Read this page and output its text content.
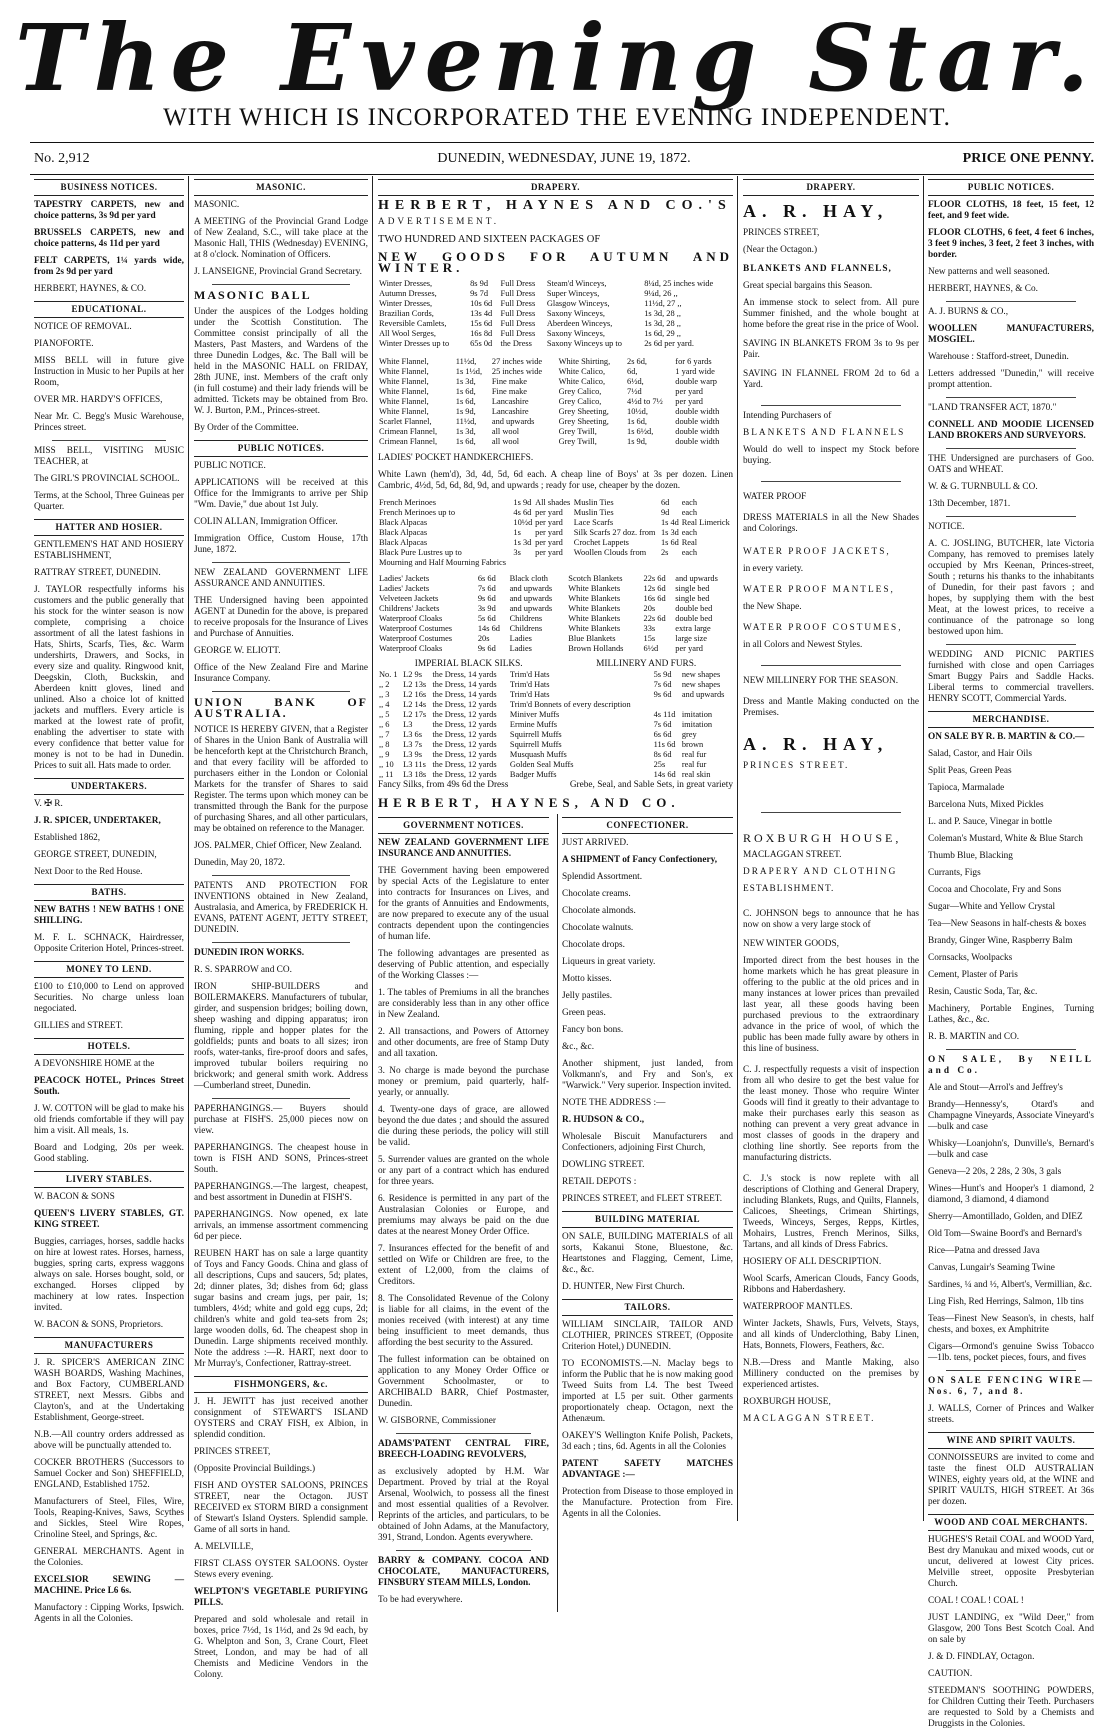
The Evening Star.
WITH WHICH IS INCORPORATED THE EVENING INDEPENDENT.
No. 2,912	DUNEDIN, WEDNESDAY, JUNE 19, 1872.	PRICE ONE PENNY.
BUSINESS NOTICES.

TAPESTRY CARPETS, new and choice patterns, 3s 9d per yard

BRUSSELS CARPETS, new and choice patterns, 4s 11d per yard

FELT CARPETS, 1¼ yards wide, from 2s 9d per yard

HERBERT, HAYNES, & CO.

EDUCATIONAL.

NOTICE OF REMOVAL.

PIANOFORTE.

MISS BELL will in future give Instruction in Music to her Pupils at her Room,

OVER MR. HARDY'S OFFICES,

Near Mr. C. Begg's Music Warehouse, Princes street.

MISS BELL, VISITING MUSIC TEACHER, at

The GIRL'S PROVINCIAL SCHOOL.

Terms, at the School, Three Guineas per Quarter.

HATTER AND HOSIER.

GENTLEMEN'S HAT AND HOSIERY ESTABLISHMENT,

RATTRAY STREET, DUNEDIN.

J. TAYLOR respectfully informs his customers and the public generally that his stock for the winter season is now complete, comprising a choice assortment of all the latest fashions in Hats, Shirts, Scarfs, Ties, &c. Warm undershirts, Drawers, and Socks, in every size and quality. Ringwood knit, Deegskin, Cloth, Buckskin, and Aberdeen knitt gloves, lined and unlined. Also a choice lot of knitted jackets and mufflers. Every article is marked at the lowest rate of profit, enabling the advertiser to state with every confidence that better value for money is not to be had in Dunedin. Prices to suit all. Hats made to order.

UNDERTAKERS.

V. ✠ R.

J. R. SPICER, UNDERTAKER,

Established 1862,

GEORGE STREET, DUNEDIN,

Next Door to the Red House.

BATHS.

NEW BATHS ! NEW BATHS ! ONE SHILLING.

M. F. L. SCHNACK, Hairdresser, Opposite Criterion Hotel, Princes-street.

MONEY TO LEND.

£100 to £10,000 to Lend on approved Securities. No charge unless loan negociated.

GILLIES and STREET.

HOTELS.

A DEVONSHIRE HOME at the

PEACOCK HOTEL, Princes Street South.

J. W. COTTON will be glad to make his old friends comfortable if they will pay him a visit. All meals, 1s.

Board and Lodging, 20s per week. Good stabling.

LIVERY STABLES.

W. BACON & SONS

QUEEN'S LIVERY STABLES, GT. KING STREET.

Buggies, carriages, horses, saddle hacks on hire at lowest rates. Horses, harness, buggies, spring carts, express waggons always on sale. Horses bought, sold, or exchanged. Horses clipped by machinery at low rates. Inspection invited.

W. BACON & SONS, Proprietors.

MANUFACTURERS

J. R. SPICER'S AMERICAN ZINC WASH BOARDS, Washing Machines, and Box Factory, CUMBERLAND STREET, next Messrs. Gibbs and Clayton's, and at the Undertaking Establishment, George-street.

N.B.—All country orders addressed as above will be punctually attended to.

COCKER BROTHERS (Successors to Samuel Cocker and Son) SHEFFIELD, ENGLAND, Established 1752.

Manufacturers of Steel, Files, Wire, Tools, Reaping-Knives, Saws, Scythes and Sickles, Steel Wire Ropes, Crinoline Steel, and Springs, &c.

GENERAL MERCHANTS. Agent in the Colonies.

EXCELSIOR SEWING — MACHINE. Price L6 6s.

Manufactory : Cipping Works, Ipswich. Agents in all the Colonies.

MASONIC.

MASONIC.

A MEETING of the Provincial Grand Lodge of New Zealand, S.C., will take place at the Masonic Hall, THIS (Wednesday) EVENING, at 8 o'clock. Nomination of Officers.

J. LANSEIGNE, Provincial Grand Secretary.

MASONIC BALL

Under the auspices of the Lodges holding under the Scottish Constitution. The Committee consist principally of all the Masters, Past Masters, and Wardens of the three Dunedin Lodges, &c. The Ball will be held in the MASONIC HALL on FRIDAY, 28th JUNE, inst. Members of the craft only (in full costume) and their lady friends will be admitted. Tickets may be obtained from Bro. W. J. Burton, P.M., Princes-street.

By Order of the Committee.

PUBLIC NOTICES.

PUBLIC NOTICE.

APPLICATIONS will be received at this Office for the Immigrants to arrive per Ship "Wm. Davie," due about 1st July.

COLIN ALLAN, Immigration Officer.

Immigration Office, Custom House, 17th June, 1872.

NEW ZEALAND GOVERNMENT LIFE ASSURANCE AND ANNUITIES.

THE Undersigned having been appointed AGENT at Dunedin for the above, is prepared to receive proposals for the Insurance of Lives and Purchase of Annuities.

GEORGE W. ELIOTT.

Office of the New Zealand Fire and Marine Insurance Company.

UNION BANK OF AUSTRALIA.

NOTICE IS HEREBY GIVEN, that a Register of Shares in the Union Bank of Australia will be henceforth kept at the Christchurch Branch, and that every facility will be afforded to purchasers either in the London or Colonial Markets for the transfer of Shares to said Register. The terms upon which money can be transmitted through the Bank for the purpose of purchasing Shares, and all other particulars, may be obtained on reference to the Manager.

JOS. PALMER, Chief Officer, New Zealand.

Dunedin, May 20, 1872.

PATENTS AND PROTECTION FOR INVENTIONS obtained in New Zealand, Australasia, and America, by FREDERICK H. EVANS, PATENT AGENT, JETTY STREET, DUNEDIN.

DUNEDIN IRON WORKS.

R. S. SPARROW and CO.

IRON SHIP-BUILDERS and BOILERMAKERS. Manufacturers of tubular, girder, and suspension bridges; boiling down, sheep washing and dipping apparatus; iron fluming, ripple and hopper plates for the goldfields; punts and boats to all sizes; iron roofs, water-tanks, fire-proof doors and safes, improved tubular boilers requiring no brickwork; and general smith work. Address—Cumberland street, Dunedin.

PAPERHANGINGS.— Buyers should purchase at FISH'S. 25,000 pieces now on view.

PAPERHANGINGS. The cheapest house in town is FISH AND SONS, Princes-street South.

PAPERHANGINGS.—The largest, cheapest, and best assortment in Dunedin at FISH'S.

PAPERHANGINGS. Now opened, ex late arrivals, an immense assortment commencing 6d per piece.

REUBEN HART has on sale a large quantity of Toys and Fancy Goods. China and glass of all descriptions, Cups and saucers, 5d; plates, 2d; dinner plates, 3d; dishes from 6d; glass sugar basins and cream jugs, per pair, 1s; tumblers, 4½d; white and gold egg cups, 2d; children's white and gold tea-sets from 2s; large wooden dolls, 6d. The cheapest shop in Dunedin. Large shipments received monthly. Note the address :—R. HART, next door to Mr Murray's, Confectioner, Rattray-street.

FISHMONGERS, &c.

J. H. JEWITT has just received another consignment of STEWART'S ISLAND OYSTERS and CRAY FISH, ex Albion, in splendid condition.

PRINCES STREET,

(Opposite Provincial Buildings.)

FISH AND OYSTER SALOONS, PRINCES STREET, near the Octagon. JUST RECEIVED ex STORM BIRD a consignment of Stewart's Island Oysters. Splendid sample. Game of all sorts in hand.

A. MELVILLE,

FIRST CLASS OYSTER SALOONS. Oyster Stews every evening.

WELPTON'S VEGETABLE PURIFYING PILLS.

Prepared and sold wholesale and retail in boxes, price 7½d, 1s 1½d, and 2s 9d each, by G. Whelpton and Son, 3, Crane Court, Fleet Street, London, and may be had of all Chemists and Medicine Vendors in the Colony.

DRAPERY.

HERBERT, HAYNES AND CO.'S

ADVERTISEMENT.

TWO HUNDRED AND SIXTEEN PACKAGES OF

NEW GOODS FOR AUTUMN AND WINTER.

Winter Dresses,	8s 9d	Full Dress	Steam'd Winceys,	8¼d, 25 inches wide
Autumn Dresses,	9s 7d	Full Dress	Super Winceys,	9¼d, 26 ,,
Winter Dresses,	10s 6d	Full Dress	Glasgow Winceys,	11½d, 27 ,,
Brazilian Cords,	13s 4d	Full Dress	Saxony Winceys,	1s 3d, 28 ,,
Reversible Camlets,	15s 6d	Full Dress	Aberdeen Winceys,	1s 3d, 28 ,,
All Wool Serges,	16s 8d	Full Dress	Saxony Winceys,	1s 6d, 29 ,,
Winter Dresses up to	65s 0d	the Dress	Saxony Winceys up to	2s 6d per yard.
White Flannel,	11½d,	27 inches wide	White Shirting,	2s 6d,	for 6 yards
White Flannel,	1s 1½d,	25 inches wide	White Calico,	6d,	1 yard wide
White Flannel,	1s 3d,	Fine make	White Calico,	6½d,	double warp
White Flannel,	1s 6d,	Fine make	Grey Calico,	7½d	per yard
White Flannel,	1s 6d,	Lancashire	Grey Calico,	4½d to 7½	per yard
White Flannel,	1s 9d,	Lancashire	Grey Sheeting,	10½d,	double width
Scarlet Flannel,	11½d,	and upwards	Grey Sheeting,	1s 6d,	double width
Crimean Flannel,	1s 3d,	all wool	Grey Twill,	1s 6½d,	double width
Crimean Flannel,	1s 6d,	all wool	Grey Twill,	1s 9d,	double width

LADIES' POCKET HANDKERCHIEFS.

White Lawn (hem'd), 3d, 4d, 5d, 6d each. A cheap line of Boys' at 3s per dozen. Linen Cambric, 4½d, 5d, 6d, 8d, 9d, and upwards ; ready for use, cheaper by the dozen.

French Merinoes	1s 9d	All shades	Muslin Ties	6d	each
French Merinoes up to	4s 6d	per yard	Muslin Ties	9d	each
Black Alpacas	10½d	per yard	Lace Scarfs	1s 4d	Real Limerick
Black Alpacas	1s	per yard	Silk Scarfs 27 doz. from	1s 3d	each
Black Alpacas	1s 3d	per yard	Crochet Lappets	1s 6d	Real
Black Pure Lustres up to	3s	per yard	Woollen Clouds from	2s	each
Mourning and Half Mourning Fabrics					
Ladies' Jackets	6s 6d	Black cloth	Scotch Blankets	22s 6d	and upwards
Ladies' Jackets	7s 6d	and upwards	White Blankets	12s 6d	single bed
Velveteen Jackets	9s 6d	and upwards	White Blankets	16s 6d	single bed
Childrens' Jackets	3s 9d	and upwards	White Blankets	20s	double bed
Waterproof Cloaks	5s 6d	Childrens	White Blankets	22s 6d	double bed
Waterproof Costumes	14s 6d	Childrens	White Blankets	33s	extra large
Waterproof Costumes	20s	Ladies	Blue Blankets	15s	large size
Waterproof Cloaks	9s 6d	Ladies	Brown Hollands	6½d	per yard
IMPERIAL BLACK SILKS.	MILLINERY AND FURS.
No. 1	L2 9s	the Dress, 14 yards	Trim'd Hats	5s 9d	new shapes
,, 2	L2 13s	the Dress, 14 yards	Trim'd Hats	7s 6d	new shapes
,, 3	L2 16s	the Dress, 14 yards	Trim'd Hats	9s 6d	and upwards
,, 4	L2 14s	the Dress, 12 yards	Trim'd Bonnets of every description		
,, 5	L2 17s	the Dress, 12 yards	Miniver Muffs	4s 11d	imitation
,, 6	L3	the Dress, 12 yards	Ermine Muffs	7s 6d	imitation
,, 7	L3 6s	the Dress, 12 yards	Squirrell Muffs	6s 6d	grey
,, 8	L3 7s	the Dress, 12 yards	Squirrell Muffs	11s 6d	brown
,, 9	L3 9s	the Dress, 12 yards	Musquash Muffs	8s 6d	real fur
,, 10	L3 11s	the Dress, 12 yards	Golden Seal Muffs	25s	real fur
,, 11	L3 18s	the Dress, 12 yards	Badger Muffs	14s 6d	real skin
Fancy Silks, from 49s 6d the Dress	Grebe, Seal, and Sable Sets, in great variety

HERBERT, HAYNES, AND CO.

GOVERNMENT NOTICES.

NEW ZEALAND GOVERNMENT LIFE INSURANCE AND ANNUITIES.

THE Government having been empowered by special Acts of the Legislature to enter into contracts for Insurances on Lives, and for the grants of Annuities and Endowments, are now prepared to execute any of the usual contracts dependent upon the contingencies of human life.

The following advantages are presented as deserving of Public attention, and especially of the Working Classes :—

1. The tables of Premiums in all the branches are considerably less than in any other office in New Zealand.

2. All transactions, and Powers of Attorney and other documents, are free of Stamp Duty and all taxation.

3. No charge is made beyond the purchase money or premium, paid quarterly, half-yearly, or annually.

4. Twenty-one days of grace, are allowed beyond the due dates ; and should the assured die during these periods, the policy will still be valid.

5. Surrender values are granted on the whole or any part of a contract which has endured for three years.

6. Residence is permitted in any part of the Australasian Colonies or Europe, and premiums may always be paid on the due dates at the nearest Money Order Office.

7. Insurances effected for the benefit of and settled on Wife or Children are free, to the extent of L2,000, from the claims of Creditors.

8. The Consolidated Revenue of the Colony is liable for all claims, in the event of the monies received (with interest) at any time being insufficient to meet demands, thus affording the best security to the Assured.

The fullest information can be obtained on application to any Money Order Office or Government Schoolmaster, or to ARCHIBALD BARR, Chief Postmaster, Dunedin.

W. GISBORNE, Commissioner

ADAMS'PATENT CENTRAL FIRE, BREECH-LOADING REVOLVERS,

as exclusively adopted by H.M. War Department. Proved by trial at the Royal Arsenal, Woolwich, to possess all the finest and most essential qualities of a Revolver. Reprints of the articles, and particulars, to be obtained of John Adams, at the Manufactory, 391, Strand, London. Agents everywhere.

BARRY & COMPANY. COCOA AND CHOCOLATE, MANUFACTURERS, FINSBURY STEAM MILLS, London.

To be had everywhere.

CONFECTIONER.

JUST ARRIVED.

A SHIPMENT of Fancy Confectionery,

Splendid Assortment.

Chocolate creams.

Chocolate almonds.

Chocolate walnuts.

Chocolate drops.

Liqueurs in great variety.

Motto kisses.

Jelly pastiles.

Green peas.

Fancy bon bons.

&c., &c.

Another shipment, just landed, from Volkmann's, and Fry and Son's, ex "Warwick." Very superior. Inspection invited.

NOTE THE ADDRESS :—

R. HUDSON & CO.,

Wholesale Biscuit Manufacturers and Confectioners, adjoining First Church,

DOWLING STREET.

RETAIL DEPOTS :

PRINCES STREET, and FLEET STREET.

BUILDING MATERIAL

ON SALE, BUILDING MATERIALS of all sorts, Kakanui Stone, Bluestone, &c. Heartstones and Flagging, Cement, Lime, &c., &c.

D. HUNTER, New First Church.

TAILORS.

WILLIAM SINCLAIR, TAILOR AND CLOTHIER, PRINCES STREET, (Opposite Criterion Hotel,) DUNEDIN.

TO ECONOMISTS.—N. Maclay begs to inform the Public that he is now making good Tweed Suits from L4. The best Tweed imported at L5 per suit. Other garments proportionately cheap. Octagon, next the Athenæum.

OAKEY'S Wellington Knife Polish, Packets, 3d each ; tins, 6d. Agents in all the Colonies

PATENT SAFETY MATCHES ADVANTAGE :—

Protection from Disease to those employed in the Manufacture. Protection from Fire. Agents in all the Colonies.

DRAPERY.

A. R. HAY,

PRINCES STREET,

(Near the Octagon.)

BLANKETS AND FLANNELS,

Great special bargains this Season.

An immense stock to select from. All pure Summer finished, and the whole bought at home before the great rise in the price of Wool.

SAVING IN BLANKETS FROM 3s to 9s per Pair.

SAVING IN FLANNEL FROM 2d to 6d a Yard.

Intending Purchasers of

BLANKETS AND FLANNELS

Would do well to inspect my Stock before buying.

WATER PROOF

DRESS MATERIALS in all the New Shades and Colorings.

WATER PROOF JACKETS,

in every variety.

WATER PROOF MANTLES,

the New Shape.

WATER PROOF COSTUMES,

in all Colors and Newest Styles.

NEW MILLINERY FOR THE SEASON.

Dress and Mantle Making conducted on the Premises.

A. R. HAY,

PRINCES STREET.

ROXBURGH HOUSE,

MACLAGGAN STREET.

DRAPERY AND CLOTHING

ESTABLISHMENT.

C. JOHNSON begs to announce that he has now on show a very large stock of

NEW WINTER GOODS,

Imported direct from the best houses in the home markets which he has great pleasure in offering to the public at the old prices and in many instances at lower prices than prevailed last year, all these goods having been purchased previous to the extraordinary advance in the price of wool, of which the public has been made fully aware by others in this line of business.

C. J. respectfully requests a visit of inspection from all who desire to get the best value for the least money. Those who require Winter Goods will find it greatly to their advantage to make their purchases early this season as nothing can prevent a very great advance in most classes of goods in the drapery and clothing line shortly. See reports from the manufacturing districts.

C. J.'s stock is now replete with all descriptions of Clothing and General Drapery, including Blankets, Rugs, and Quilts, Flannels, Calicoes, Sheetings, Crimean Shirtings, Tweeds, Winceys, Serges, Repps, Kirtles, Mohairs, Lustres, French Merinos, Silks, Tartans, and all kinds of Dress Fabrics.

HOSIERY OF ALL DESCRIPTION.

Wool Scarfs, American Clouds, Fancy Goods, Ribbons and Haberdashery.

WATERPROOF MANTLES.

Winter Jackets, Shawls, Furs, Velvets, Stays, and all kinds of Underclothing, Baby Linen, Hats, Bonnets, Flowers, Feathers, &c.

N.B.—Dress and Mantle Making, also Millinery conducted on the premises by experienced artistes.

ROXBURGH HOUSE,

MACLAGGAN STREET.

PUBLIC NOTICES.

FLOOR CLOTHS, 18 feet, 15 feet, 12 feet, and 9 feet wide.

FLOOR CLOTHS, 6 feet, 4 feet 6 inches, 3 feet 9 inches, 3 feet, 2 feet 3 inches, with border.

New patterns and well seasoned.

HERBERT, HAYNES, & Co.

A. J. BURNS & CO.,

WOOLLEN MANUFACTURERS, MOSGIEL.

Warehouse : Stafford-street, Dunedin.

Letters addressed "Dunedin," will receive prompt attention.

"LAND TRANSFER ACT, 1870."

CONNELL AND MOODIE LICENSED LAND BROKERS AND SURVEYORS.

THE Undersigned are purchasers of Goo. OATS and WHEAT.

W. & G. TURNBULL & CO.

13th December, 1871.

NOTICE.

A. C. JOSLING, BUTCHER, late Victoria Company, has removed to premises lately occupied by Mrs Keenan, Princes-street, South ; returns his thanks to the inhabitants of Dunedin, for their past favors ; and hopes, by supplying them with the best Meat, at the lowest prices, to receive a continuance of the patronage so long bestowed upon him.

WEDDING AND PICNIC PARTIES furnished with close and open Carriages Smart Buggy Pairs and Saddle Hacks. Liberal terms to commercial travellers. HENRY SCOTT, Commercial Yards.

MERCHANDISE.

ON SALE BY R. B. MARTIN & CO.—

Salad, Castor, and Hair Oils

Split Peas, Green Peas

Tapioca, Marmalade

Barcelona Nuts, Mixed Pickles

L. and P. Sauce, Vinegar in bottle

Coleman's Mustard, White & Blue Starch

Thumb Blue, Blacking

Currants, Figs

Cocoa and Chocolate, Fry and Sons

Sugar—White and Yellow Crystal

Tea—New Seasons in half-chests & boxes

Brandy, Ginger Wine, Raspberry Balm

Cornsacks, Woolpacks

Cement, Plaster of Paris

Resin, Caustic Soda, Tar, &c.

Machinery, Portable Engines, Turning Lathes, &c., &c.

R. B. MARTIN and CO.

ON SALE, By NEILL and Co.

Ale and Stout—Arrol's and Jeffrey's

Brandy—Hennessy's, Otard's and Champagne Vineyards, Associate Vineyard's—bulk and case

Whisky—Loanjohn's, Dunville's, Bernard's—bulk and case

Geneva—2 20s, 2 28s, 2 30s, 3 gals

Wines—Hunt's and Hooper's 1 diamond, 2 diamond, 3 diamond, 4 diamond

Sherry—Amontillado, Golden, and DIEZ

Old Tom—Swaine Boord's and Bernard's

Rice—Patna and dressed Java

Canvas, Lungair's Seaming Twine

Sardines, ¼ and ½, Albert's, Vermillian, &c.

Ling Fish, Red Herrings, Salmon, 1lb tins

Teas—Finest New Season's, in chests, half chests, and boxes, ex Amphitrite

Cigars—Ormond's genuine Swiss Tobacco—1lb. tens, pocket pieces, fours, and fives

ON SALE FENCING WIRE— Nos. 6, 7, and 8.

J. WALLS, Corner of Princes and Walker streets.

WINE AND SPIRIT VAULTS.

CONNOISSEURS are invited to come and taste the finest OLD AUSTRALIAN WINES, eighty years old, at the WINE and SPIRIT VAULTS, HIGH STREET. At 36s per dozen.

WOOD AND COAL MERCHANTS.

HUGHES'S Retail COAL and WOOD Yard, Best dry Manukau and mixed woods, cut or uncut, delivered at lowest City prices. Melville street, opposite Presbyterian Church.

COAL ! COAL ! COAL !

JUST LANDING, ex "Wild Deer," from Glasgow, 200 Tons Best Scotch Coal. And on sale by

J. & D. FINDLAY, Octagon.

CAUTION.

STEEDMAN'S SOOTHING POWDERS, for Children Cutting their Teeth. Purchasers are requested to Sold by a Chemists and Druggists in the Colonies.
